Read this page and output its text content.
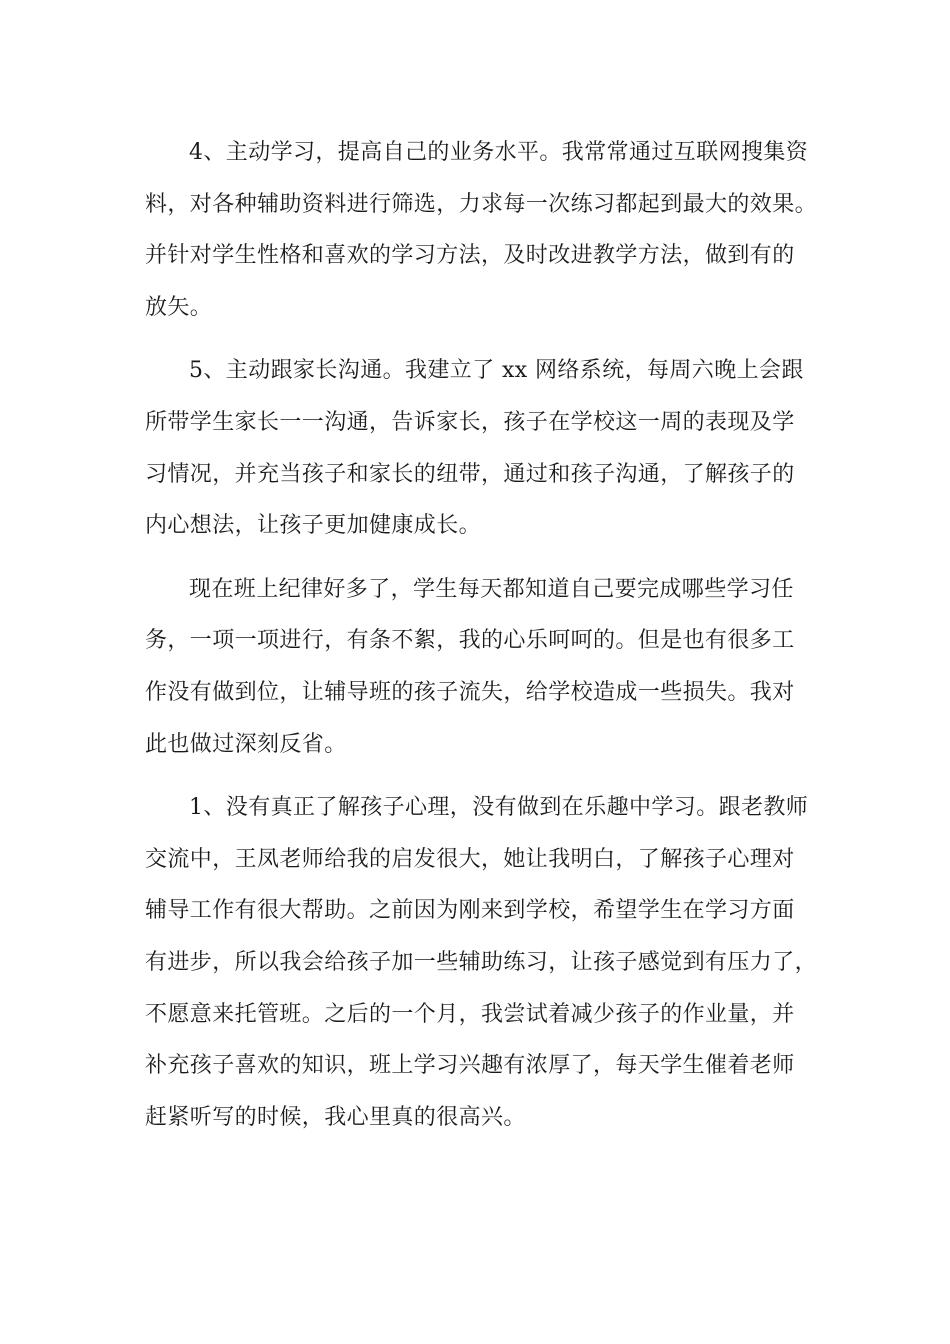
4、主动学习，提高自己的业务水平。我常常通过互联网搜集资
料，对各种辅助资料进行筛选，力求每一次练习都起到最大的效果。
并针对学生性格和喜欢的学习方法，及时改进教学方法，做到有的
放矢。
5、主动跟家长沟通。我建立了 xx 网络系统，每周六晚上会跟
所带学生家长一一沟通，告诉家长，孩子在学校这一周的表现及学
习情况，并充当孩子和家长的纽带，通过和孩子沟通，了解孩子的
内心想法，让孩子更加健康成长。
现在班上纪律好多了，学生每天都知道自己要完成哪些学习任
务，一项一项进行，有条不絮，我的心乐呵呵的。但是也有很多工
作没有做到位，让辅导班的孩子流失，给学校造成一些损失。我对
此也做过深刻反省。
1、没有真正了解孩子心理，没有做到在乐趣中学习。跟老教师
交流中，王凤老师给我的启发很大，她让我明白，了解孩子心理对
辅导工作有很大帮助。之前因为刚来到学校，希望学生在学习方面
有进步，所以我会给孩子加一些辅助练习，让孩子感觉到有压力了，
不愿意来托管班。之后的一个月，我尝试着减少孩子的作业量，并
补充孩子喜欢的知识，班上学习兴趣有浓厚了，每天学生催着老师
赶紧听写的时候，我心里真的很高兴。
